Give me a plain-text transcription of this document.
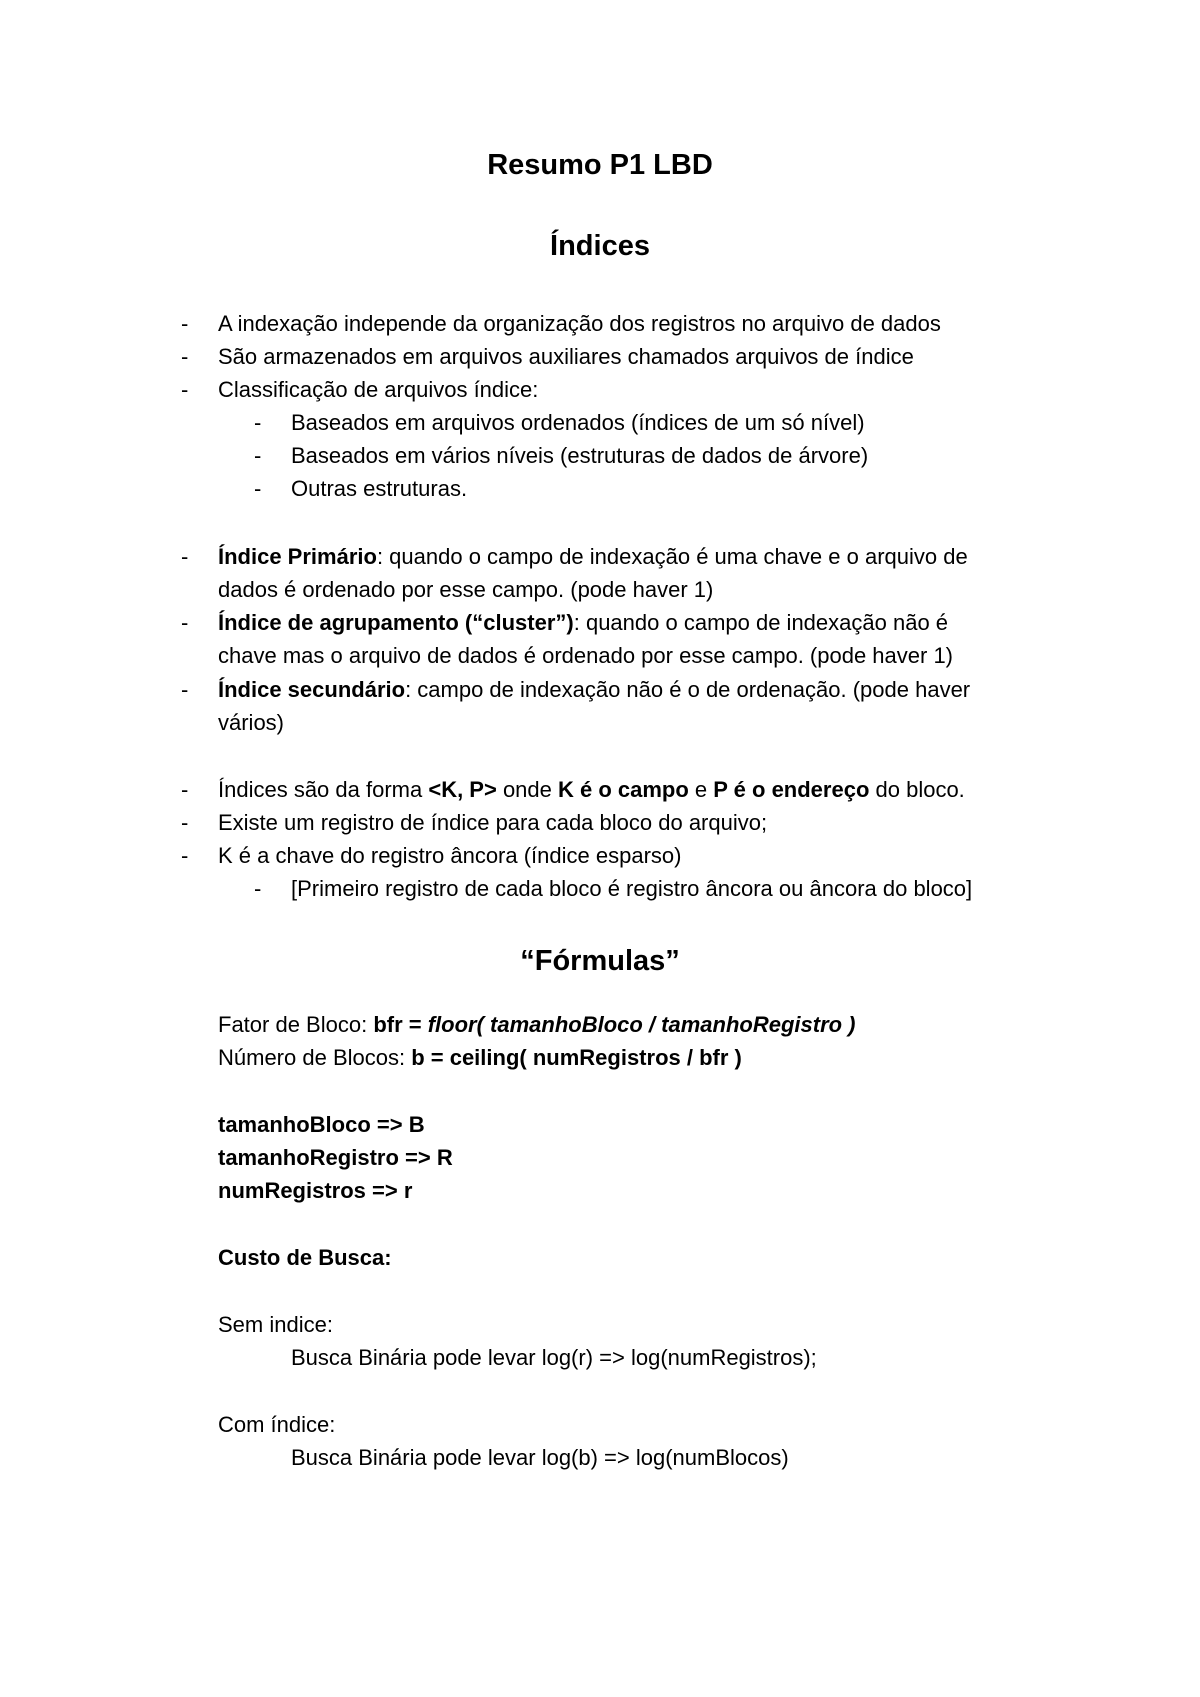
Resumo P1 LBD
Índices
- A indexação independe da organização dos registros no arquivo de dados
- São armazenados em arquivos auxiliares chamados arquivos de índice
- Classificação de arquivos índice:
- Baseados em arquivos ordenados (índices de um só nível)
- Baseados em vários níveis (estruturas de dados de árvore)
- Outras estruturas.
- Índice Primário: quando o campo de indexação é uma chave e o arquivo de
dados é ordenado por esse campo. (pode haver 1)
- Índice de agrupamento (“cluster”): quando o campo de indexação não é
chave mas o arquivo de dados é ordenado por esse campo. (pode haver 1)
- Índice secundário: campo de indexação não é o de ordenação. (pode haver
vários)
- Índices são da forma <K, P> onde K é o campo e P é o endereço do bloco.
- Existe um registro de índice para cada bloco do arquivo;
- K é a chave do registro âncora (índice esparso)
- [Primeiro registro de cada bloco é registro âncora ou âncora do bloco]
“Fórmulas”
Fator de Bloco: bfr = floor( tamanhoBloco / tamanhoRegistro )
Número de Blocos: b = ceiling( numRegistros / bfr )
tamanhoBloco => B
tamanhoRegistro => R
numRegistros => r
Custo de Busca:
Sem indice:
Busca Binária pode levar log(r) => log(numRegistros);
Com índice:
Busca Binária pode levar log(b) => log(numBlocos)
